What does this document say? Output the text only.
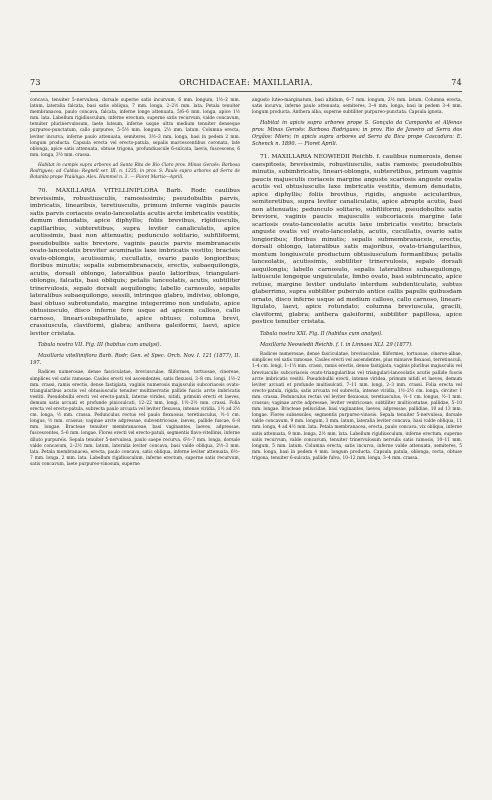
73	ORCHIDACEAE: MAXILLARIA.	74

concava, tenuiter 5–nervulosa, dorsale superne satis incurvum, 6 mm. longum, 1½–2 mm. latum, lateralia falcata, basi satis obliqua, 7 mm. longa, 2–2½ mm. lata. Petala tenuiter membranacea, paulo concava, falcata, inferne longe attenuata, 5/6–6 mm. longa, apice 1½ mm. lata. Labellum rigidiusculum, inferne erectum, superne satis recurvum, valde concavum, tenuiter plurinervulosum, laete luteum, inferne usque ultra medium tenuiter densequе purpureo-punctatum, callo purpureo, 5–5½ mm. longum, 2½ mm. latum. Columna erecta, leviter incurva, inferne paulo attenuata, semiteres, 3½–3 mm. longa, basi in pedem 2 mm. longum producta. Capsula erecta vel erecto-patula, sepalis marcescentibus coronata, late oblonga, apice satis attenuata, obtuse trigona, profundiuscule 6-sulcata, laevis, fuscescens, 6 mm. longa, 3½ mm. crassa.

Habitat in campis supra arbores ad Santa Rita de Rio Claro prov. Minas Geraës: Barbosa Rodrigues; ad Caldas: Regnell ser. III. n. 1235; in prov. S. Paulo supra arbores ad Serra de Botanita prope Ytaüinga: Alex. Hummel n. 3. — Floret Martio—Aprili.

70. MAXILLARIA VITELLINIFLORA Barb. Rodr. caulibus brevissimis, robustiusculis, ramosissimis; pseudobulbis parvis, imbricatis, linearibus, teretiusculis, primum inferne vaginis paucis satis parvis coriaceis ovato-lanceolatis acutis arcte imbricatis vestitis, demum denudatis, apice diphyllis; foliis brevibus, rigidiusculis, capillaribus, subteretibus, supra leviter canaliculatis, apice acutissimis, basi non attenuatis; pedunculo solitario, subfiliformi, pseudobulbis satis breviore, vaginis paucis parvis membranaceis ovato-lanceolatis breviter acuminatis laxe imbricatis vestito; bracteis ovato-oblongis, acutissimis, cucullatis, ovario paulo longioribus; floribus minutis; sepalis submembranaceis, erectis, subaequilongis, acutis, dorsali oblongo, lateralibus paulo latioribus, triangulari-oblongis, falcatis, basi obliquis; petalis lanceolatis, acutis, subtiliter trinervulosis, sepalo dorsali aequilongis; labello carnosulo, sepalis lateralibus subaequilongo, sessili, intrinque glabro, indiviso, oblongo, basi obtuso subrotundato, margine integerrimo non undulato, apice obtusiusculo, disco inferne fere usque ad apicem calloso, callo carnoso, lineari-subspathulato, apice obtuso; columna brevi, crassiuscula, claviformi, glabra; anthera galeiformi, laevi, apice leviter cristata.

Tabula nostra VII. Fig. III (habitus cum analysi).

Maxillaria vitelliniflora Barb. Rodr. Gen. et Spec. Orch. Nov. I. 121 (1877), II. 197.

Radices numerosae, dense fasciculatae, breviusculae, filiformes, tortuosae, cinereae, simplices vel satis ramosae. Caules erecti vel ascendentes, satis flexuosi, 3–8 cm. longi, 1½–2 mm. crassi, ramis erectis, dense fastigiata, vaginis numerosis majusculis subcoriaceis ovato-triangularibus acutis vel obtusiusculis tenuiter multinervatis pallide fuscis arcte imbricatis vestiti. Pseudobulbi erecti vel erecto-patuli, laterae virides, nitidi, primum erecti et laeves, demum satis arcuati et profunde pinicsulcati, 12–22 mm. longi, 1½–2½ mm. crassi. Folia erecta vel erecto-patula, subrecta paulo arcuata vel leviter flexuosa, intense viridia, 1½ ad 2½ cm. longa, ½ mm. crassa. Pedunculus rectus vel paulo flexuosus, teretiusculus, ½–1 cm. longus, ½ mm. crassus; vaginae arcte adpressae, subventricosae, laeves, pallide fuscae, 6–8 mm. longae. Bracteae tenuiter membranaceae, basi vaginantes, laeves, adpressae, fuscescentes, 5–6 mm. longae. Flores erecti vel erecto-patuli, segmentis flavo-vitellinis, inferne diluto purpureis. Sepala tenuiter 5-nervulosa, paulo saepe recurva, 6½–7 mm. longa, dorsale valde concavum, 2–2½ mm. latum, lateralia leviter concava, basi valde obliqua, 2½–3 mm. lata. Petala membranacea, erecta, paulo concava, satis obliqua, inferne leviter attenuata, 6½–7 mm. longa, 2 mm. lata. Labellum rigidiusculum, inferne erectum, superne satis recurvum, satis concavum, laete purpureo-vinosum, superne

angusto luteo-marginatum, basi altidum, 6–7 mm. longum, 2½ mm. latum. Columna erecta, satis incurva, inferne paulo attenuata, semiteres, 3–4 mm. longa, basi in pedem 3–4 mm. longum producta. Anthera alba, superne subtiliter purpureo-punctata. Capsula ignota.

Habitat in apicis supra arbores prope S. Gonçalo da Campanha et Alfenas prov. Minas Geraës: Barbosa Rodrigues; in prov. Rio de Janeiro ad Serra dos Orgãos: Miers; in apicis supra arbores ad Serra da Bica prope Cascadura: E. Schenck n. 1890. — Floret Aprili.

71. MAXILLARIA NEOWIEDII Reichb. f. caulibus numerosis, dense caespitosis, brevissimis, robustiusculis, satis ramosis; pseudobulbis minutis, subimbricatis, lineari-oblongis, subteretibus, primum vaginis paucis majusculis coriaceis margine anguste scariosis anguste ovatis acutis vel obtusiusculis laxe imbricatis vestitis, demum denudatis, apice diphyllis; foliis brevibus, rigidis, anguste acicularibus, semiteretibus, supra leviter canaliculatis, apice abrupte acutis, basi non attenuatis; pedunculo solitario, subfiliformi, pseudobulbis satis breviore, vaginis paucis majusculis subcoriaceis margine late scariosis ovato-lanceolatis acutis laxe imbricatis vestito; bracteis anguste ovatis vel ovato-lanceolatis, acutis, cucullatis, ovario satis longioribus; floribus minutis; sepalis submembranaceis, erectis, dorsali oblongo, lateralibus satis majoribus, ovato-triangularibus, montum longiuscule productum obtusiusculum formantibus; petalis lanceolatis, acutissimis, subtiliter trinervulosis, sepalo dorsali aequilongis; labello carnosulo, sepalis lateralibus subaequilongo, latiuscule longeque unguiculate, limbo ovato, basi subtruncato, apice retuse, margine leviter undulato interdum subdenticulato, subtus glaberrimo, supra subtiliter puberulo antice callis papulis quibusdam ornato, disco inferne usque ad medium calloso, callo carnoso, lineari-ligulato, laevi, apice rotundato; columna breviuscula, gracili, claviformi, glabra; anthera galeiformi, subtiliter papillosa, apice postice tenuiter cristata.

Tabula nostra XXI. Fig. II (habitus cum analysi).

Maxillaria Neowiedii Reichb. f. l. in Linnaea XLI. 29 (1877).

Radices numerosae, dense fasciculatae, breviusculae, filiformes, tortuosae, cinereo-albae, simplices vel satis ramosae. Caules erecti vel ascendentes, plus minusve flexuosi, terretiusculi, 1–4 cm. longi, 1–1½ mm. crassi, ramis erectis, dense fastigiata, vaginis pluribus majusculis vel breviusculis subcoriaceis ovato-triangularibus vel triangulari-lanceolatis acutis pallide fuscis arcte imbricatis vestiti. Pseudobulbi erecti, intense viridea, primum nitidi et laeves, demum leviter arcuati et profunde multisulcati, 7–11 mm. longi, 2–3 mm. crassi. Folia erecta vel erecto-patula, rigida, satis arcuata vel subrecta, intense viridia, 1½–2½ cm. longa, circiter 1 mm. crassa. Pedunculus rectus vel leviter flexuosus, teretiusculus, ½–1 cm. longus, ½–1 mm. crassus; vaginae arcte adpressae, leviter ventricosae, subtiliter multicostatae, pallidae, 5–10 mm. longae. Bracteae pellucidae, basi vaginantes, laeves, adpressae, pallidiae, 10 ad 13 mm. longae. Flores subsessiles, segmentis purpureo-vinosis. Sepala tenuiter 5-nervulosa, dorsale valde concavum, 9 mm. longum, 3 mm. latum, lateralia leviter concava, basi valde obliqua, 11 mm. longa, 4 ad 4½ mm. lata. Petala membranacea, erecta, paulo concava, vix obliqua, inferne satis attenuata, 9 mm. longa, 2½ mm. lata. Labellum rigidiusculum, inferne erectum, superne satis recurvum, valde concavum, tenuiter trinervulosum nervulis satis ramosis, 10–11 mm. longum, 5 mm. latum. Columna erecta, satis incurva, inferne valde attenuata, semiteres, 5 mm. longa, basi in pedem 4 mm. longum producta. Capsula patula, oblonga, recta, obtuse trigona, tenuiter 6-sulcata, pallide fulva, 10–12 mm. longa, 3–4 mm. crassa.
